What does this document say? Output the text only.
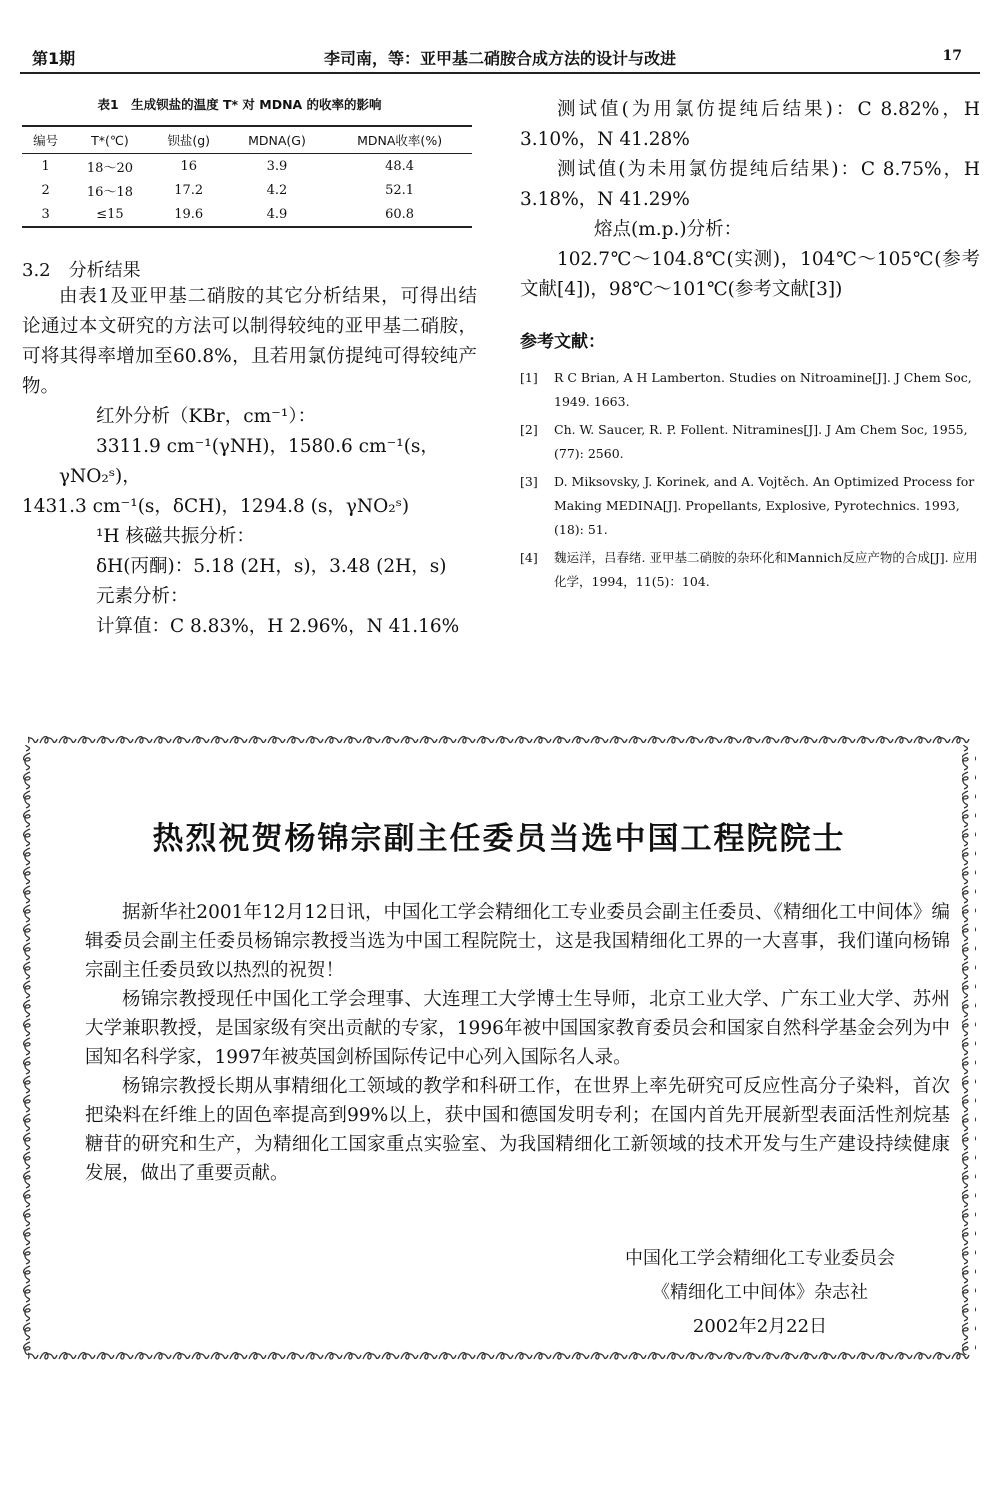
第1期	李司南，等：亚甲基二硝胺合成方法的设计与改进	17
表1　生成钡盐的温度 T* 对 MDNA 的收率的影响
编号	T*(℃)	钡盐(g)	MDNA(G)	MDNA收率(%)
1	18～20	16	3.9	48.4
2	16～18	17.2	4.2	52.1
3	≤15	19.6	4.9	60.8
3.2　分析结果

由表1及亚甲基二硝胺的其它分析结果，可得出结论通过本文研究的方法可以制得较纯的亚甲基二硝胺，可将其得率增加至60.8%，且若用氯仿提纯可得较纯产物。

红外分析（KBr，cm⁻¹）：

3311.9 cm⁻¹(γNH)，1580.6 cm⁻¹(s，γNO₂ˢ)，

1431.3 cm⁻¹(s，δCH)，1294.8 (s，γNO₂ˢ)

¹H 核磁共振分析：

δH(丙酮)：5.18 (2H，s)，3.48 (2H，s)

元素分析：

计算值：C 8.83%，H 2.96%，N 41.16%

测试值(为用氯仿提纯后结果)：C 8.82%，H 3.10%，N 41.28%

测试值(为未用氯仿提纯后结果)：C 8.75%，H 3.18%，N 41.29%

熔点(m.p.)分析：

102.7℃～104.8℃(实测)，104℃～105℃(参考文献[4])，98℃～101℃(参考文献[3])

参考文献：
[1]	R C Brian, A H Lamberton. Studies on Nitroamine[J]. J Chem Soc, 1949. 1663.
[2]	Ch. W. Saucer, R. P. Follent. Nitramines[J]. J Am Chem Soc, 1955, (77): 2560.
[3]	D. Miksovsky, J. Korinek, and A. Vojtěch. An Optimized Process for Making MEDINA[J]. Propellants, Explosive, Pyrotechnics. 1993, (18): 51.
[4]	魏运洋，吕春绪. 亚甲基二硝胺的杂环化和Mannich反应产物的合成[J]. 应用化学，1994，11(5)：104.
热烈祝贺杨锦宗副主任委员当选中国工程院院士

据新华社2001年12月12日讯，中国化工学会精细化工专业委员会副主任委员、《精细化工中间体》编辑委员会副主任委员杨锦宗教授当选为中国工程院院士，这是我国精细化工界的一大喜事，我们谨向杨锦宗副主任委员致以热烈的祝贺！

杨锦宗教授现任中国化工学会理事、大连理工大学博士生导师，北京工业大学、广东工业大学、苏州大学兼职教授，是国家级有突出贡献的专家，1996年被中国国家教育委员会和国家自然科学基金会列为中国知名科学家，1997年被英国剑桥国际传记中心列入国际名人录。

杨锦宗教授长期从事精细化工领域的教学和科研工作，在世界上率先研究可反应性高分子染料，首次把染料在纤维上的固色率提高到99%以上，获中国和德国发明专利；在国内首先开展新型表面活性剂烷基糖苷的研究和生产，为精细化工国家重点实验室、为我国精细化工新领域的技术开发与生产建设持续健康发展，做出了重要贡献。

中国化工学会精细化工专业委员会
《精细化工中间体》杂志社
2002年2月22日
